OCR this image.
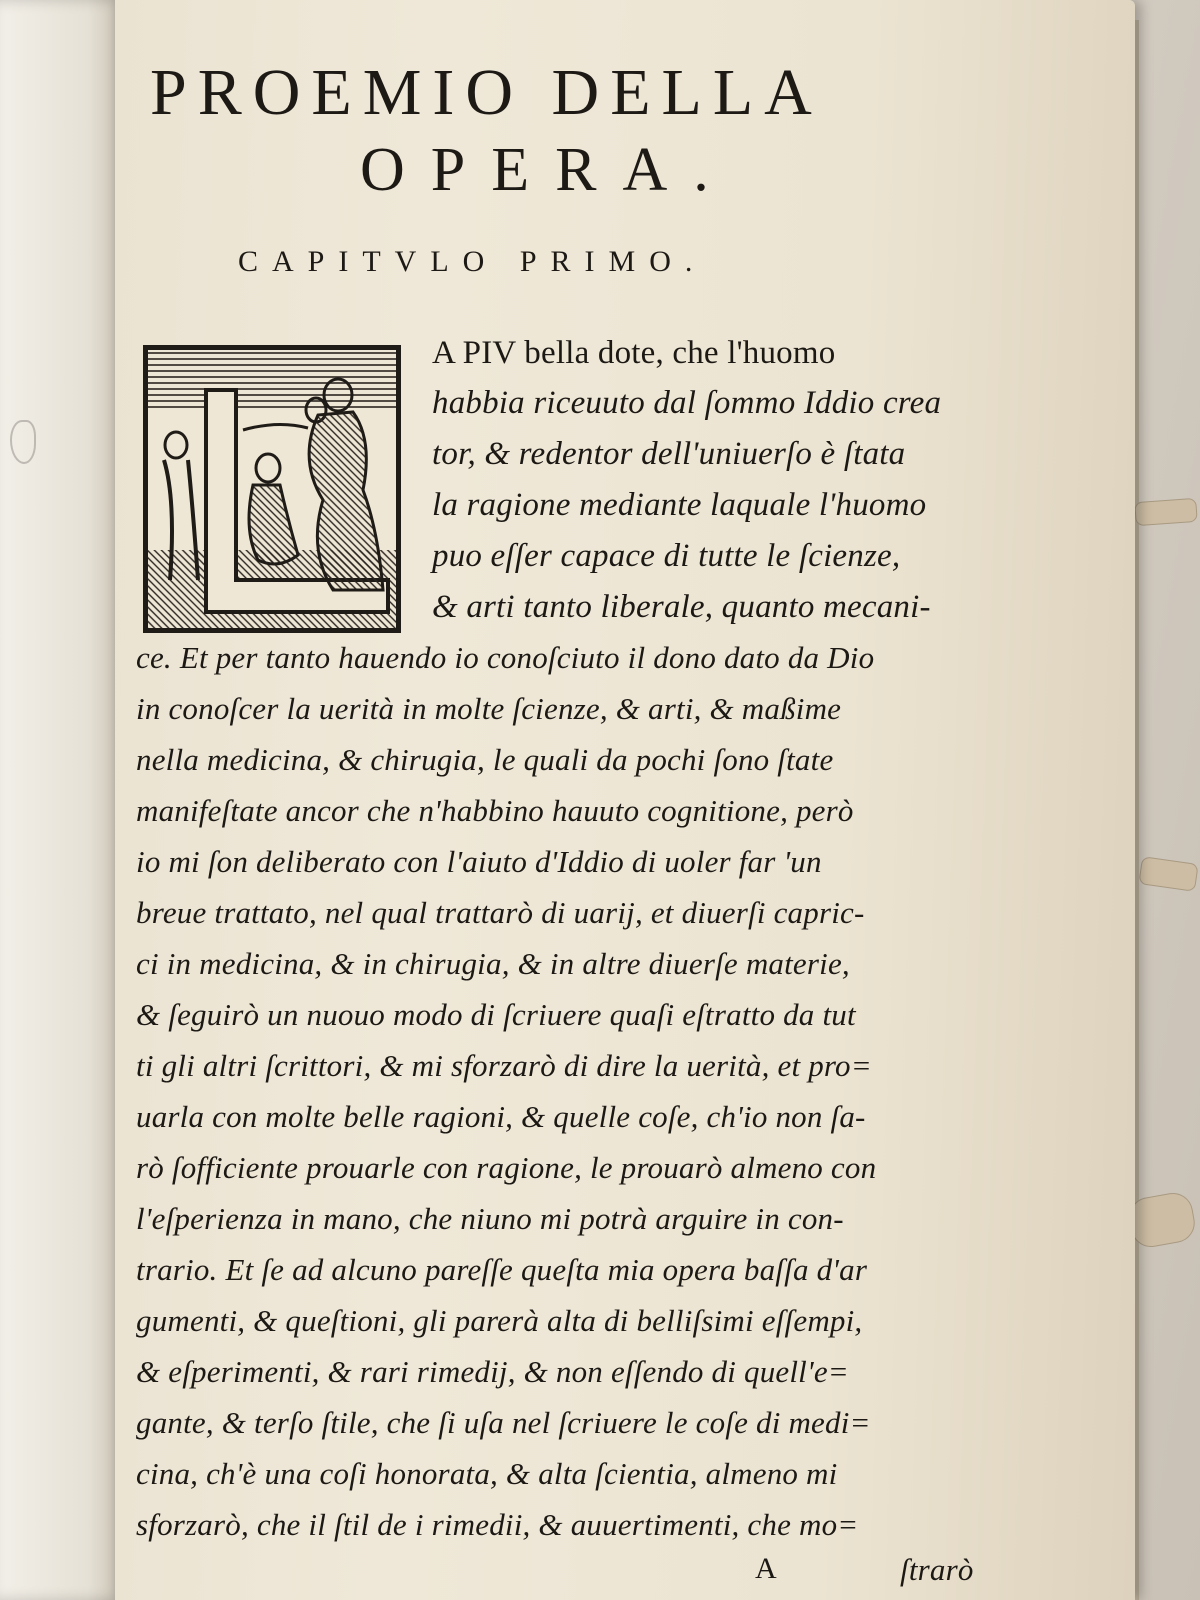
PROEMIO DELLA
OPERA.
CAPITVLO PRIMO.
A PIV bella dote, che l'huomo
habbia riceuuto dal ſommo Iddio crea
tor, & redentor dell'uniuerſo è ſtata
la ragione mediante laquale l'huomo
puo eſſer capace di tutte le ſcienze,
& arti tanto liberale, quanto mecani-
ce. Et per tanto hauendo io conoſciuto il dono dato da Dio
in conoſcer la uerità in molte ſcienze, & arti, & maßime
nella medicina, & chirugia, le quali da pochi ſono ſtate
manifeſtate ancor che n'habbino hauuto cognitione, però
io mi ſon deliberato con l'aiuto d'Iddio di uoler far 'un
breue trattato, nel qual trattarò di uarij, et diuerſi capric-
ci in medicina, & in chirugia, & in altre diuerſe materie,
& ſeguirò un nuouo modo di ſcriuere quaſi eſtratto da tut
ti gli altri ſcrittori, & mi sforzarò di dire la uerità, et pro=
uarla con molte belle ragioni, & quelle coſe, ch'io non ſa-
rò ſofficiente prouarle con ragione, le prouarò almeno con
l'eſperienza in mano, che niuno mi potrà arguire in con-
trario. Et ſe ad alcuno pareſſe queſta mia opera baſſa d'ar
gumenti, & queſtioni, gli parerà alta di belliſsimi eſſempi,
& eſperimenti, & rari rimedij, & non eſſendo di quell'e=
gante, & terſo ſtile, che ſi uſa nel ſcriuere le coſe di medi=
cina, ch'è una coſi honorata, & alta ſcientia, almeno mi
sforzarò, che il ſtil de i rimedii, & auuertimenti, che mo=
A	ſtrarò
